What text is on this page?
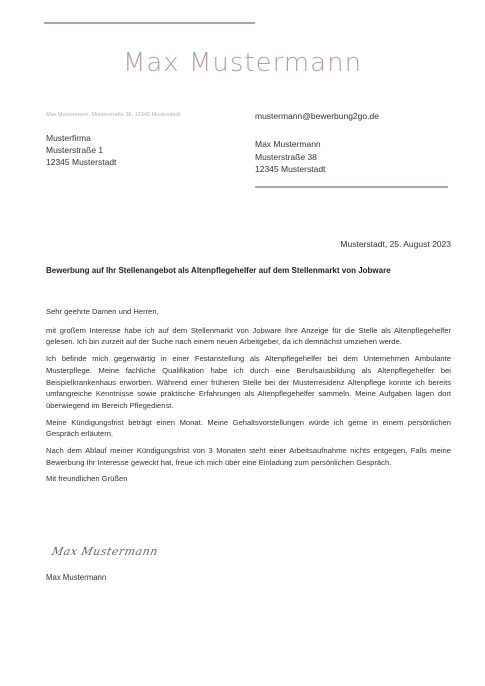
Max Mustermann
Max Mustermann, Musterstraße 38, 12345 Musterstadt
Musterfirma
Musterstraße 1
12345 Musterstadt
mustermann@bewerbung2go.de
Max Mustermann
Musterstraße 38
12345 Musterstadt
Musterstadt, 25. August 2023
Bewerbung auf Ihr Stellenangebot als Altenpflegehelfer auf dem Stellenmarkt von Jobware

Sehr geehrte Damen und Herren,

mit großem Interesse habe ich auf dem Stellenmarkt von Jobware Ihre Anzeige für die Stelle als Altenpflegehelfer gelesen. Ich bin zurzeit auf der Suche nach einem neuen Arbeitgeber, da ich demnächst umziehen werde.

Ich befinde mich gegenwärtig in einer Festanstellung als Altenpflegehelfer bei dem Unternehmen Ambulante Musterpflege. Meine fachliche Qualifikation habe ich durch eine Berufsausbildung als Altenpflegehelfer bei Beispielkrankenhaus erworben. Während einer früheren Stelle bei der Musterresidenz Altenpflege konnte ich bereits umfangreiche Kenntnisse sowie praktische Erfahrungen als Altenpflegehelfer sammeln. Meine Aufgaben lagen dort überwiegend im Bereich Pflegedienst.

Meine Kündigungsfrist beträgt einen Monat. Meine Gehaltsvorstellungen würde ich gerne in einem persönlichen Gespräch erläutern.

Nach dem Ablauf meiner Kündigungsfrist von 3 Monaten steht einer Arbeitsaufnahme nichts entgegen. Falls meine Bewerbung Ihr Interesse geweckt hat, freue ich mich über eine Einladung zum persönlichen Gespräch.

Mit freundlichen Grüßen

Max Mustermann
Max Mustermann
